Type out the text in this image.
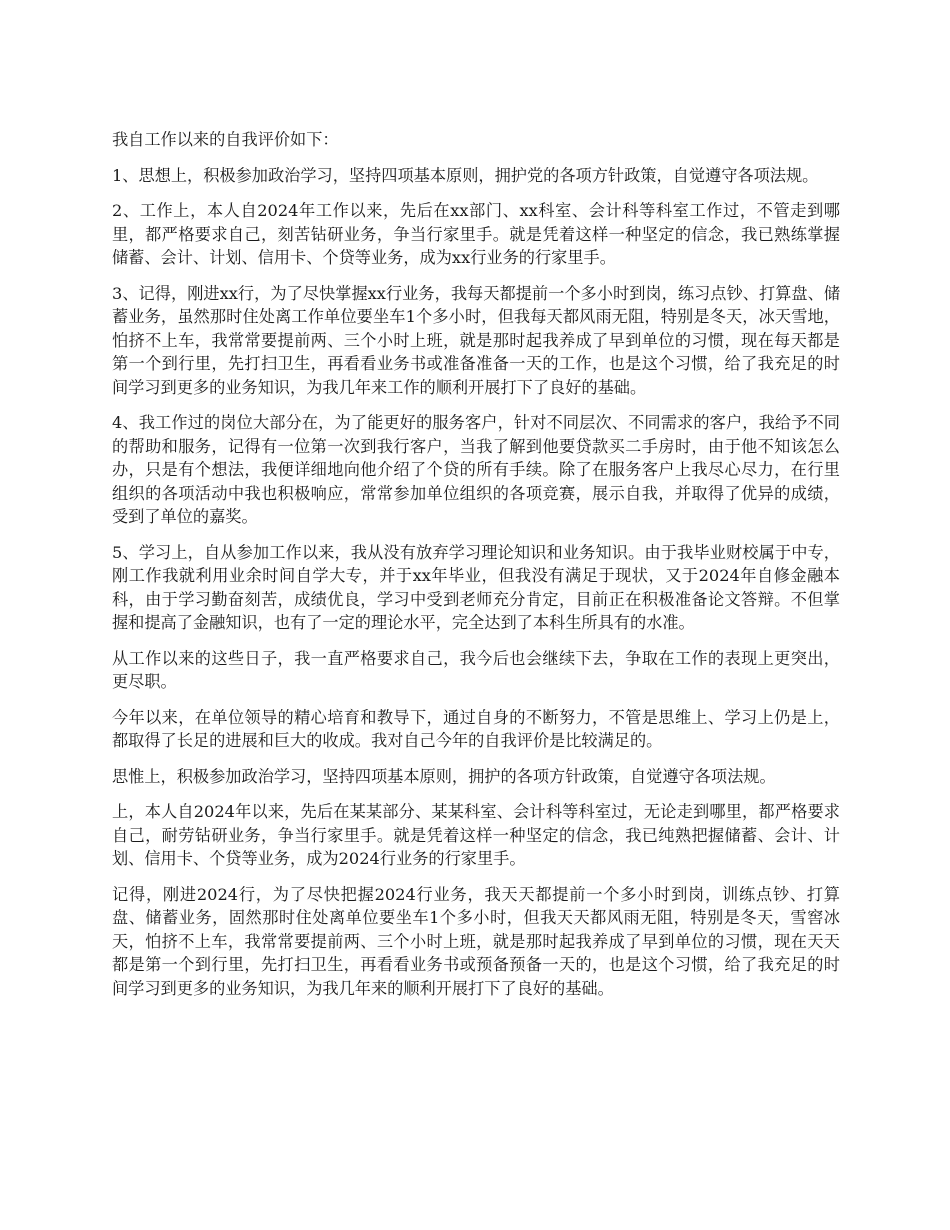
我自工作以来的自我评价如下：

1、思想上，积极参加政治学习，坚持四项基本原则，拥护党的各项方针政策，自觉遵守各项法规。

2、工作上，本人自2024年工作以来，先后在xx部门、xx科室、会计科等科室工作过，不管走到哪里，都严格要求自己，刻苦钻研业务，争当行家里手。就是凭着这样一种坚定的信念，我已熟练掌握储蓄、会计、计划、信用卡、个贷等业务，成为xx行业务的行家里手。

3、记得，刚进xx行，为了尽快掌握xx行业务，我每天都提前一个多小时到岗，练习点钞、打算盘、储蓄业务，虽然那时住处离工作单位要坐车1个多小时，但我每天都风雨无阻，特别是冬天，冰天雪地，怕挤不上车，我常常要提前两、三个小时上班，就是那时起我养成了早到单位的习惯，现在每天都是第一个到行里，先打扫卫生，再看看业务书或准备准备一天的工作，也是这个习惯，给了我充足的时间学习到更多的业务知识，为我几年来工作的顺利开展打下了良好的基础。

4、我工作过的岗位大部分在，为了能更好的服务客户，针对不同层次、不同需求的客户，我给予不同的帮助和服务，记得有一位第一次到我行客户，当我了解到他要贷款买二手房时，由于他不知该怎么办，只是有个想法，我便详细地向他介绍了个贷的所有手续。除了在服务客户上我尽心尽力，在行里组织的各项活动中我也积极响应，常常参加单位组织的各项竞赛，展示自我，并取得了优异的成绩，受到了单位的嘉奖。

5、学习上，自从参加工作以来，我从没有放弃学习理论知识和业务知识。由于我毕业财校属于中专，刚工作我就利用业余时间自学大专，并于xx年毕业，但我没有满足于现状，又于2024年自修金融本科，由于学习勤奋刻苦，成绩优良，学习中受到老师充分肯定，目前正在积极准备论文答辩。不但掌握和提高了金融知识，也有了一定的理论水平，完全达到了本科生所具有的水准。

从工作以来的这些日子，我一直严格要求自己，我今后也会继续下去，争取在工作的表现上更突出，更尽职。

今年以来，在单位领导的精心培育和教导下，通过自身的不断努力，不管是思维上、学习上仍是上，都取得了长足的进展和巨大的收成。我对自己今年的自我评价是比较满足的。

思惟上，积极参加政治学习，坚持四项基本原则，拥护的各项方针政策，自觉遵守各项法规。

上，本人自2024年以来，先后在某某部分、某某科室、会计科等科室过，无论走到哪里，都严格要求自己，耐劳钻研业务，争当行家里手。就是凭着这样一种坚定的信念，我已纯熟把握储蓄、会计、计划、信用卡、个贷等业务，成为2024行业务的行家里手。

记得，刚进2024行，为了尽快把握2024行业务，我天天都提前一个多小时到岗，训练点钞、打算盘、储蓄业务，固然那时住处离单位要坐车1个多小时，但我天天都风雨无阻，特别是冬天，雪窖冰天，怕挤不上车，我常常要提前两、三个小时上班，就是那时起我养成了早到单位的习惯，现在天天都是第一个到行里，先打扫卫生，再看看业务书或预备预备一天的，也是这个习惯，给了我充足的时间学习到更多的业务知识，为我几年来的顺利开展打下了良好的基础。
